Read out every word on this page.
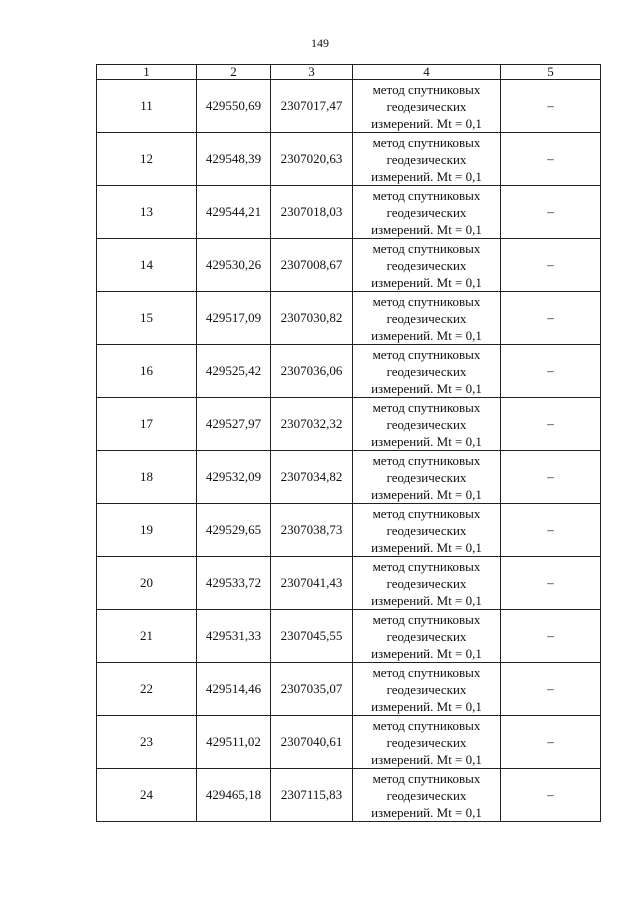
149
1	2	3	4	5
11	429550,69	2307017,47	метод спутниковых
геодезических
измерений. Mt = 0,1	–
12	429548,39	2307020,63	метод спутниковых
геодезических
измерений. Mt = 0,1	–
13	429544,21	2307018,03	метод спутниковых
геодезических
измерений. Mt = 0,1	–
14	429530,26	2307008,67	метод спутниковых
геодезических
измерений. Mt = 0,1	–
15	429517,09	2307030,82	метод спутниковых
геодезических
измерений. Mt = 0,1	–
16	429525,42	2307036,06	метод спутниковых
геодезических
измерений. Mt = 0,1	–
17	429527,97	2307032,32	метод спутниковых
геодезических
измерений. Mt = 0,1	–
18	429532,09	2307034,82	метод спутниковых
геодезических
измерений. Mt = 0,1	–
19	429529,65	2307038,73	метод спутниковых
геодезических
измерений. Mt = 0,1	–
20	429533,72	2307041,43	метод спутниковых
геодезических
измерений. Mt = 0,1	–
21	429531,33	2307045,55	метод спутниковых
геодезических
измерений. Mt = 0,1	–
22	429514,46	2307035,07	метод спутниковых
геодезических
измерений. Mt = 0,1	–
23	429511,02	2307040,61	метод спутниковых
геодезических
измерений. Mt = 0,1	–
24	429465,18	2307115,83	метод спутниковых
геодезических
измерений. Mt = 0,1	–
